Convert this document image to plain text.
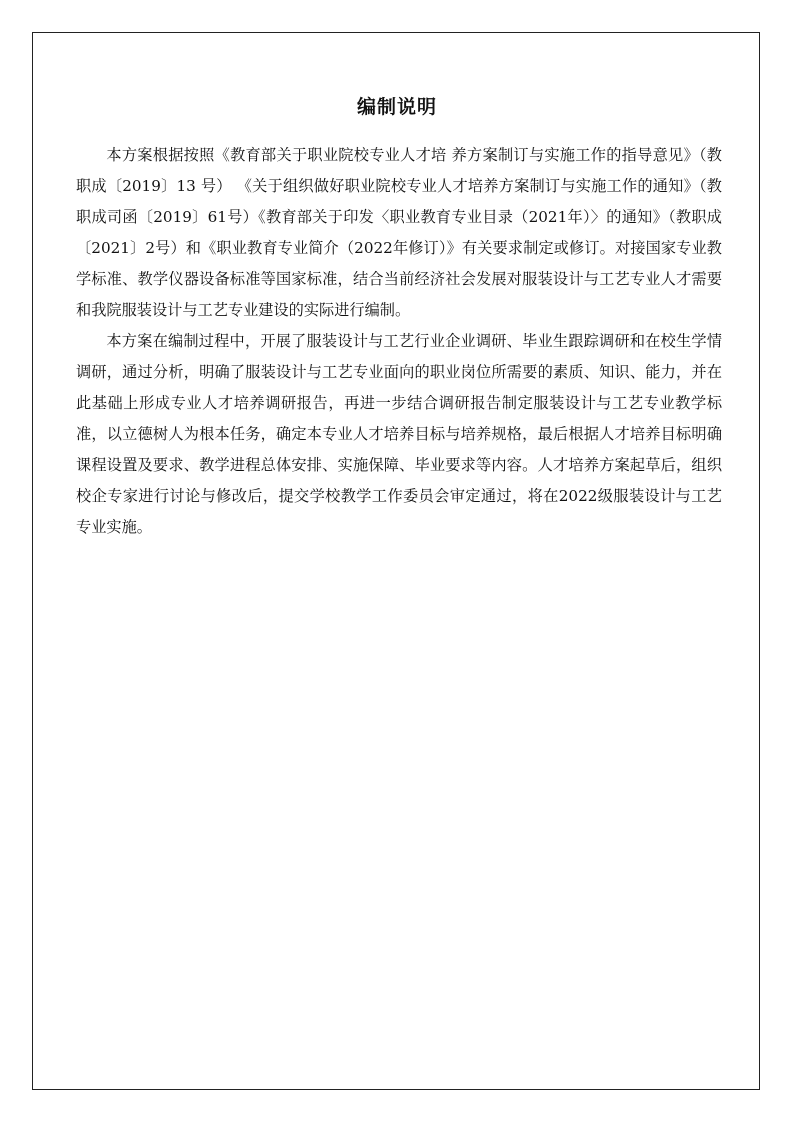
编制说明

本方案根据按照《教育部关于职业院校专业人才培 养方案制订与实施工作的指导意见》（教职成〔2019〕13 号） 《关于组织做好职业院校专业人才培养方案制订与实施工作的通知》（教职成司函〔2019〕61号）《教育部关于印发〈职业教育专业目录（2021年）〉的通知》（教职成〔2021〕2号）和《职业教育专业简介（2022年修订）》有关要求制定或修订。对接国家专业教学标准、教学仪器设备标准等国家标准，结合当前经济社会发展对服装设计与工艺专业人才需要和我院服装设计与工艺专业建设的实际进行编制。

本方案在编制过程中，开展了服装设计与工艺行业企业调研、毕业生跟踪调研和在校生学情调研，通过分析，明确了服装设计与工艺专业面向的职业岗位所需要的素质、知识、能力，并在此基础上形成专业人才培养调研报告，再进一步结合调研报告制定服装设计与工艺专业教学标准，以立德树人为根本任务，确定本专业人才培养目标与培养规格，最后根据人才培养目标明确课程设置及要求、教学进程总体安排、实施保障、毕业要求等内容。人才培养方案起草后，组织校企专家进行讨论与修改后，提交学校教学工作委员会审定通过，将在2022级服装设计与工艺专业实施。
